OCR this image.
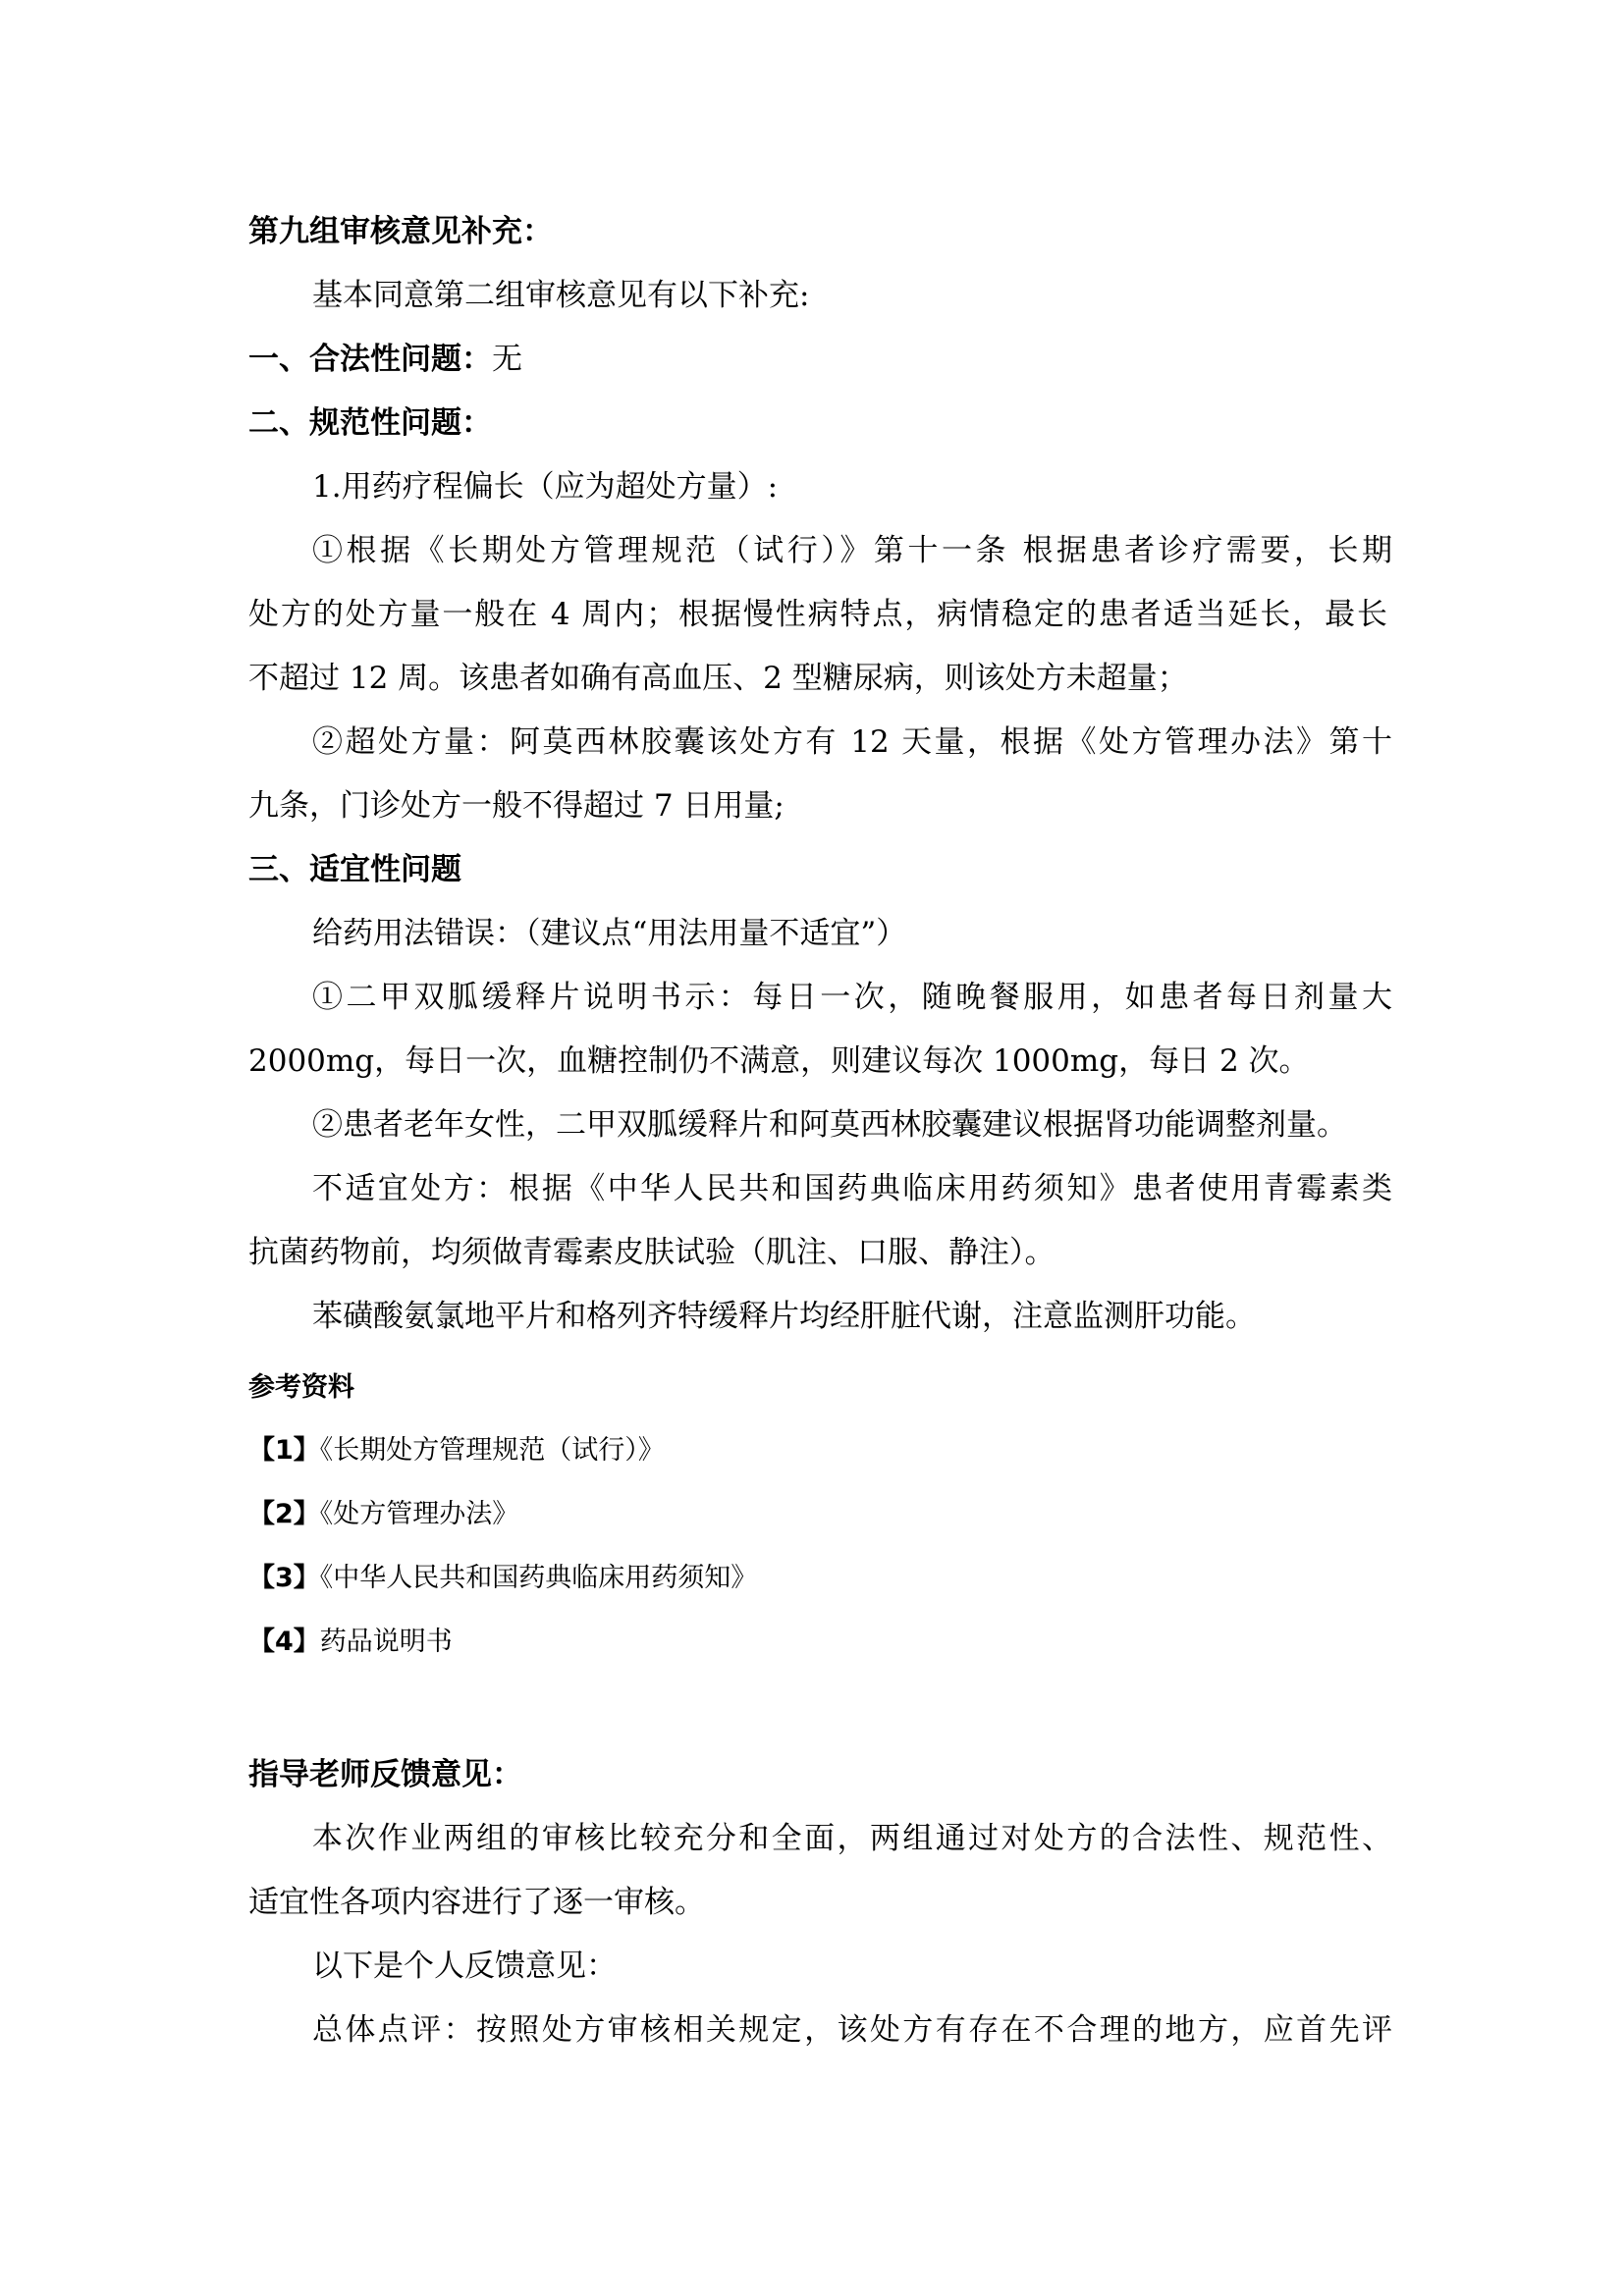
第九组审核意见补充：

基本同意第二组审核意见有以下补充:

一、合法性问题：无

二、规范性问题：

1.用药疗程偏长（应为超处方量）:

①根据《长期处方管理规范（试行）》第十一条 根据患者诊疗需要，长期

处方的处方量一般在 4 周内；根据慢性病特点，病情稳定的患者适当延长，最长

不超过 12 周。该患者如确有高血压、2 型糖尿病，则该处方未超量；

②超处方量：阿莫西林胶囊该处方有 12 天量，根据《处方管理办法》第十

九条，门诊处方一般不得超过 7 日用量;

三、适宜性问题

给药用法错误：（建议点“用法用量不适宜”）

①二甲双胍缓释片说明书示：每日一次，随晚餐服用，如患者每日剂量大

2000mg，每日一次，血糖控制仍不满意，则建议每次 1000mg，每日 2 次。

②患者老年女性，二甲双胍缓释片和阿莫西林胶囊建议根据肾功能调整剂量。

不适宜处方：根据《中华人民共和国药典临床用药须知》患者使用青霉素类

抗菌药物前，均须做青霉素皮肤试验（肌注、口服、静注）。

苯磺酸氨氯地平片和格列齐特缓释片均经肝脏代谢，注意监测肝功能。

参考资料

【1】《长期处方管理规范（试行）》

【2】《处方管理办法》

【3】《中华人民共和国药典临床用药须知》

【4】药品说明书

指导老师反馈意见：

本次作业两组的审核比较充分和全面，两组通过对处方的合法性、规范性、

适宜性各项内容进行了逐一审核。

以下是个人反馈意见：

总体点评：按照处方审核相关规定，该处方有存在不合理的地方，应首先评
